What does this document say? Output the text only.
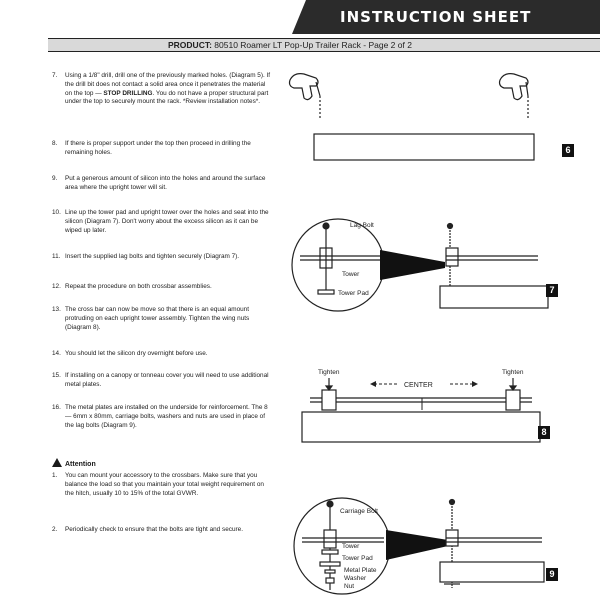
INSTRUCTION SHEET
PRODUCT: 80510 Roamer LT Pop-Up Trailer Rack - Page 2 of 2
7.	Using a 1/8" drill, drill one of the previously marked holes. (Diagram 5). If the drill bit does not contact a solid area once it penetrates the material on the top — STOP DRILLING. You do not have a proper structural part under the top to securely mount the rack. *Review installation notes*.
8.	If there is proper support under the top then proceed in drilling the remaining holes.
9.	Put a generous amount of silicon into the holes and around the surface area where the upright tower will sit.
10. Line up the tower pad and upright tower over the holes and seat into the silicon (Diagram 7). Don't worry about the excess silicon as it can be wiped up later.
11. Insert the supplied lag bolts and tighten securely (Diagram 7).
12. Repeat the procedure on both crossbar assemblies.
13. The cross bar can now be move so that there is an equal amount protruding on each upright tower assembly. Tighten the wing nuts (Diagram 8).
14. You should let the silicon dry overnight before use.
15. If installing on a canopy or tonneau cover you will need to use additional metal plates.
16. The metal plates are installed on the underside for reinforcement. The 8 — 6mm x 80mm, carriage bolts, washers and nuts are used in place of the lag bolts (Diagram 9).
Attention
1.	You can mount your accessory to the crossbars. Make sure that you balance the load so that you maintain your total weight requirement on the hitch, usually 10 to 15% of the total GVWR.
2.	Periodically check to ensure that the bolts are tight and secure.
6
Lag Bolt
Tower
Tower Pad	7
Tighten	Tighten
CENTER
8
Carriage Bolt
Tower
Tower Pad
Metal Plate
Washer
Nut
9
